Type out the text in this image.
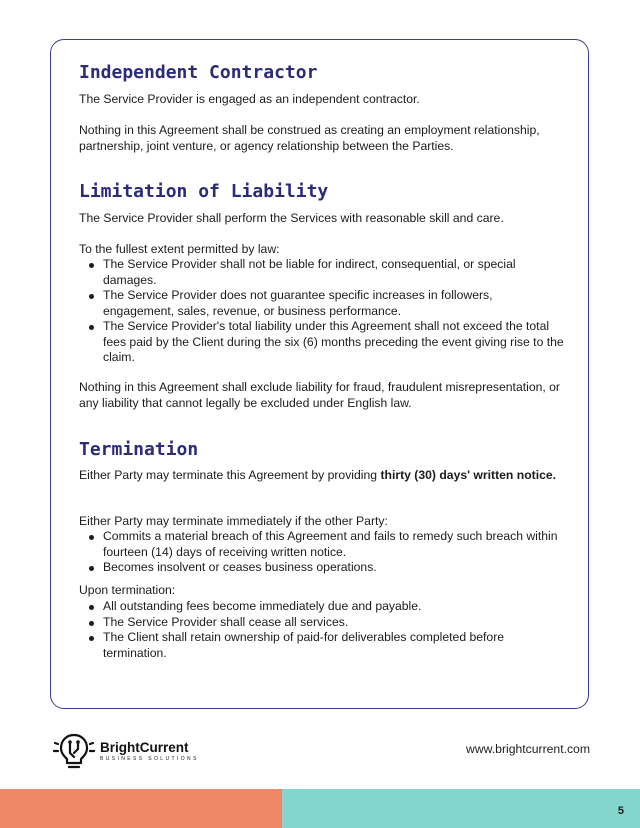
Independent Contractor

The Service Provider is engaged as an independent contractor.

Nothing in this Agreement shall be construed as creating an employment relationship, partnership, joint venture, or agency relationship between the Parties.

Limitation of Liability

The Service Provider shall perform the Services with reasonable skill and care.

To the fullest extent permitted by law:

The Service Provider shall not be liable for indirect, consequential, or special damages.
The Service Provider does not guarantee specific increases in followers, engagement, sales, revenue, or business performance.
The Service Provider's total liability under this Agreement shall not exceed the total fees paid by the Client during the six (6) months preceding the event giving rise to the claim.

Nothing in this Agreement shall exclude liability for fraud, fraudulent misrepresentation, or any liability that cannot legally be excluded under English law.

Termination

Either Party may terminate this Agreement by providing thirty (30) days' written notice.

Either Party may terminate immediately if the other Party:

Commits a material breach of this Agreement and fails to remedy such breach within fourteen (14) days of receiving written notice.
Becomes insolvent or ceases business operations.

Upon termination:

All outstanding fees become immediately due and payable.
The Service Provider shall cease all services.
The Client shall retain ownership of paid-for deliverables completed before termination.
BrightCurrent
BUSINESS SOLUTIONS
www.brightcurrent.com
5
